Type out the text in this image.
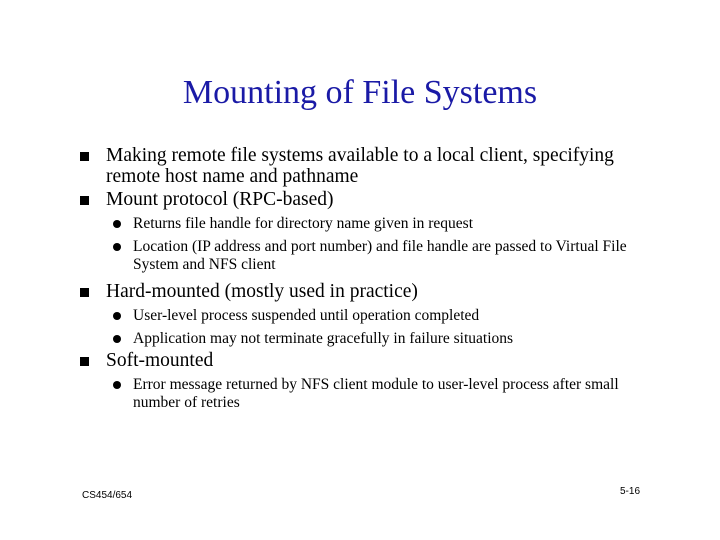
Mounting of File Systems
Making remote file systems available to a local client, specifying remote host name and pathname
Mount protocol (RPC-based)
Returns file handle for directory name given in request
Location (IP address and port number) and file handle are passed to Virtual File System and NFS client
Hard-mounted (mostly used in practice)
User-level process suspended until operation completed
Application may not terminate gracefully in failure situations
Soft-mounted
Error message returned by NFS client module to user-level process after small number of retries
CS454/654	5-16
